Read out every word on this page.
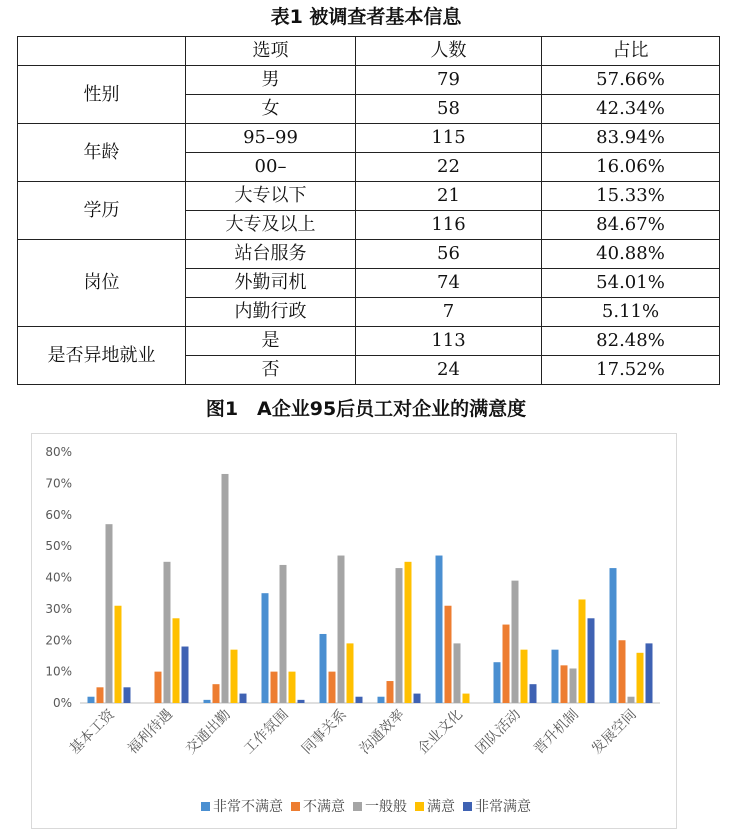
表1 被调查者基本信息
	选项	人数	占比
性别	男	79	57.66%
	女	58	42.34%
年龄	95–99	115	83.94%
	00–	22	16.06%
学历	大专以下	21	15.33%
	大专及以上	116	84.67%
岗位	站台服务	56	40.88%
	外勤司机	74	54.01%
	内勤行政	7	5.11%
是否异地就业	是	113	82.48%
	否	24	17.52%
图1　A企业95后员工对企业的满意度
0%
10%
20%
30%
40%
50%
60%
70%
80%
基本工资 福利待遇 交通出勤 工作氛围 同事关系 沟通效率 企业文化 团队活动 晋升机制 发展空间
非常不满意 不满意 一般般 满意 非常满意
